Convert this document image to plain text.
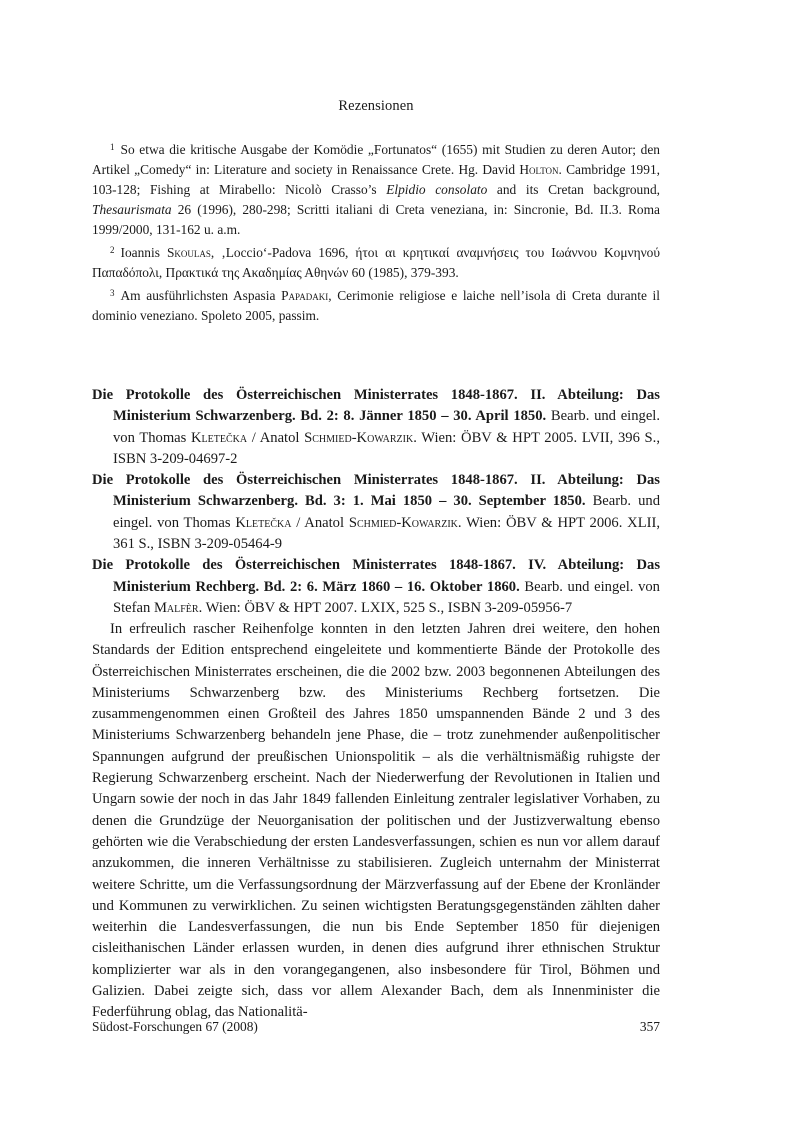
Rezensionen

$^1$ So etwa die kritische Ausgabe der Komödie „Fortunatos“ (1655) mit Studien zu deren Autor; den Artikel „Comedy“ in: Literature and society in Renaissance Crete. Hg. David Holton. Cambridge 1991, 103-128; Fishing at Mirabello: Nicolò Crasso’s Elpidio consolato and its Cretan background, Thesaurismata 26 (1996), 280-298; Scritti italiani di Creta veneziana, in: Sincronie, Bd. II.3. Roma 1999/2000, 131-162 u. a.m.

$^2$ Ioannis Skoulas, ‚Loccio‘-Padova 1696, ήτοι αι κρητικαί αναμνήσεις του Ιωάννου Κομνηνού Παπαδόπολι, Πρακτικά της Ακαδημίας Αθηνών 60 (1985), 379-393.

$^3$ Am ausführlichsten Aspasia Papadaki, Cerimonie religiose e laiche nell’isola di Creta durante il dominio veneziano. Spoleto 2005, passim.

Die Protokolle des Österreichischen Ministerrates 1848-1867. II. Abteilung: Das Ministerium Schwarzenberg. Bd. 2: 8. Jänner 1850 – 30. April 1850. Bearb. und eingel. von Thomas Kletečka / Anatol Schmied-Kowarzik. Wien: ÖBV & HPT 2005. LVII, 396 S., ISBN 3-209-04697-2

Die Protokolle des Österreichischen Ministerrates 1848-1867. II. Abteilung: Das Ministerium Schwarzenberg. Bd. 3: 1. Mai 1850 – 30. September 1850. Bearb. und eingel. von Thomas Kletečka / Anatol Schmied-Kowarzik. Wien: ÖBV & HPT 2006. XLII, 361 S., ISBN 3-209-05464-9

Die Protokolle des Österreichischen Ministerrates 1848-1867. IV. Abteilung: Das Ministerium Rechberg. Bd. 2: 6. März 1860 – 16. Oktober 1860. Bearb. und eingel. von Stefan Malfèr. Wien: ÖBV & HPT 2007. LXIX, 525 S., ISBN 3-209-05956-7

In erfreulich rascher Reihenfolge konnten in den letzten Jahren drei weitere, den hohen Standards der Edition entsprechend eingeleitete und kommentierte Bände der Protokolle des Österreichischen Ministerrates erscheinen, die die 2002 bzw. 2003 begonnenen Abteilungen des Ministeriums Schwarzenberg bzw. des Ministeriums Rechberg fortsetzen. Die zusammengenommen einen Großteil des Jahres 1850 umspannenden Bände 2 und 3 des Ministeriums Schwarzenberg behandeln jene Phase, die – trotz zunehmender außenpolitischer Spannungen aufgrund der preußischen Unionspolitik – als die verhältnismäßig ruhigste der Regierung Schwarzenberg erscheint. Nach der Niederwerfung der Revolutionen in Italien und Ungarn sowie der noch in das Jahr 1849 fallenden Einleitung zentraler legislativer Vorhaben, zu denen die Grundzüge der Neuorganisation der politischen und der Justizverwaltung ebenso gehörten wie die Verabschiedung der ersten Landesverfassungen, schien es nun vor allem darauf anzukommen, die inneren Verhältnisse zu stabilisieren. Zugleich unternahm der Ministerrat weitere Schritte, um die Verfassungsordnung der Märzverfassung auf der Ebene der Kronländer und Kommunen zu verwirklichen. Zu seinen wichtigsten Beratungsgegenständen zählten daher weiterhin die Landesverfassungen, die nun bis Ende September 1850 für diejenigen cisleithanischen Länder erlassen wurden, in denen dies aufgrund ihrer ethnischen Struktur komplizierter war als in den vorangegangenen, also insbesondere für Tirol, Böhmen und Galizien. Dabei zeigte sich, dass vor allem Alexander Bach, dem als Innenminister die Federführung oblag, das Nationalitä-

Südost-Forschungen 67 (2008)	357
